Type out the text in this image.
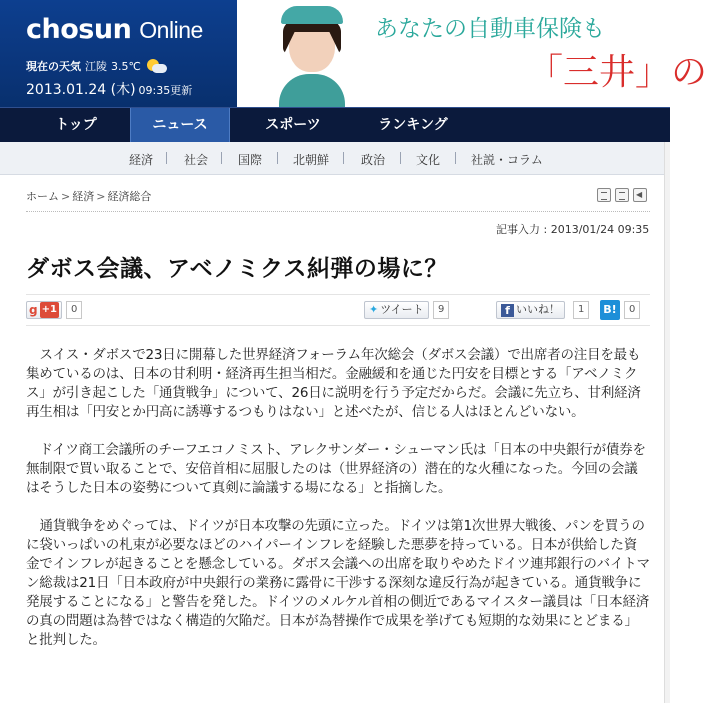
chosun Online
現在の天気 江陵 3.5℃
2013.01.24 (木) 09:35更新
あなたの自動車保険も
「三井」の
トップ	ニュース	スポーツ	ランキング
経済	社会 国際	北朝鮮	政治	文化	社説・コラム
ホーム > 経済 > 経済総合
◀
記事入力 : 2013/01/24 09:35
ダボス会議、アベノミクス糾弾の場に？
g +1	0	✦ ツイート	9	f いいね！	1	B!	0

スイス・ダボスで23日に開幕した世界経済フォーラム年次総会（ダボス会議）で出席者の注目を最も集めているのは、日本の甘利明・経済再生担当相だ。金融緩和を通じた円安を目標とする「アベノミクス」が引き起こした「通貨戦争」について、26日に説明を行う予定だからだ。会議に先立ち、甘利経済再生相は「円安とか円高に誘導するつもりはない」と述べたが、信じる人はほとんどいない。

ドイツ商工会議所のチーフエコノミスト、アレクサンダー・シューマン氏は「日本の中央銀行が債券を無制限で買い取ることで、安倍首相に屈服したのは（世界経済の）潜在的な火種になった。今回の会議はそうした日本の姿勢について真剣に論議する場になる」と指摘した。

通貨戦争をめぐっては、ドイツが日本攻撃の先頭に立った。ドイツは第1次世界大戦後、パンを買うのに袋いっぱいの札束が必要なほどのハイパーインフレを経験した悪夢を持っている。日本が供給した資金でインフレが起きることを懸念している。ダボス会議への出席を取りやめたドイツ連邦銀行のバイトマン総裁は21日「日本政府が中央銀行の業務に露骨に干渉する深刻な違反行為が起きている。通貨戦争に発展することになる」と警告を発した。ドイツのメルケル首相の側近であるマイスター議員は「日本経済の真の問題は為替ではなく構造的欠陥だ。日本が為替操作で成果を挙げても短期的な効果にとどまる」と批判した。
